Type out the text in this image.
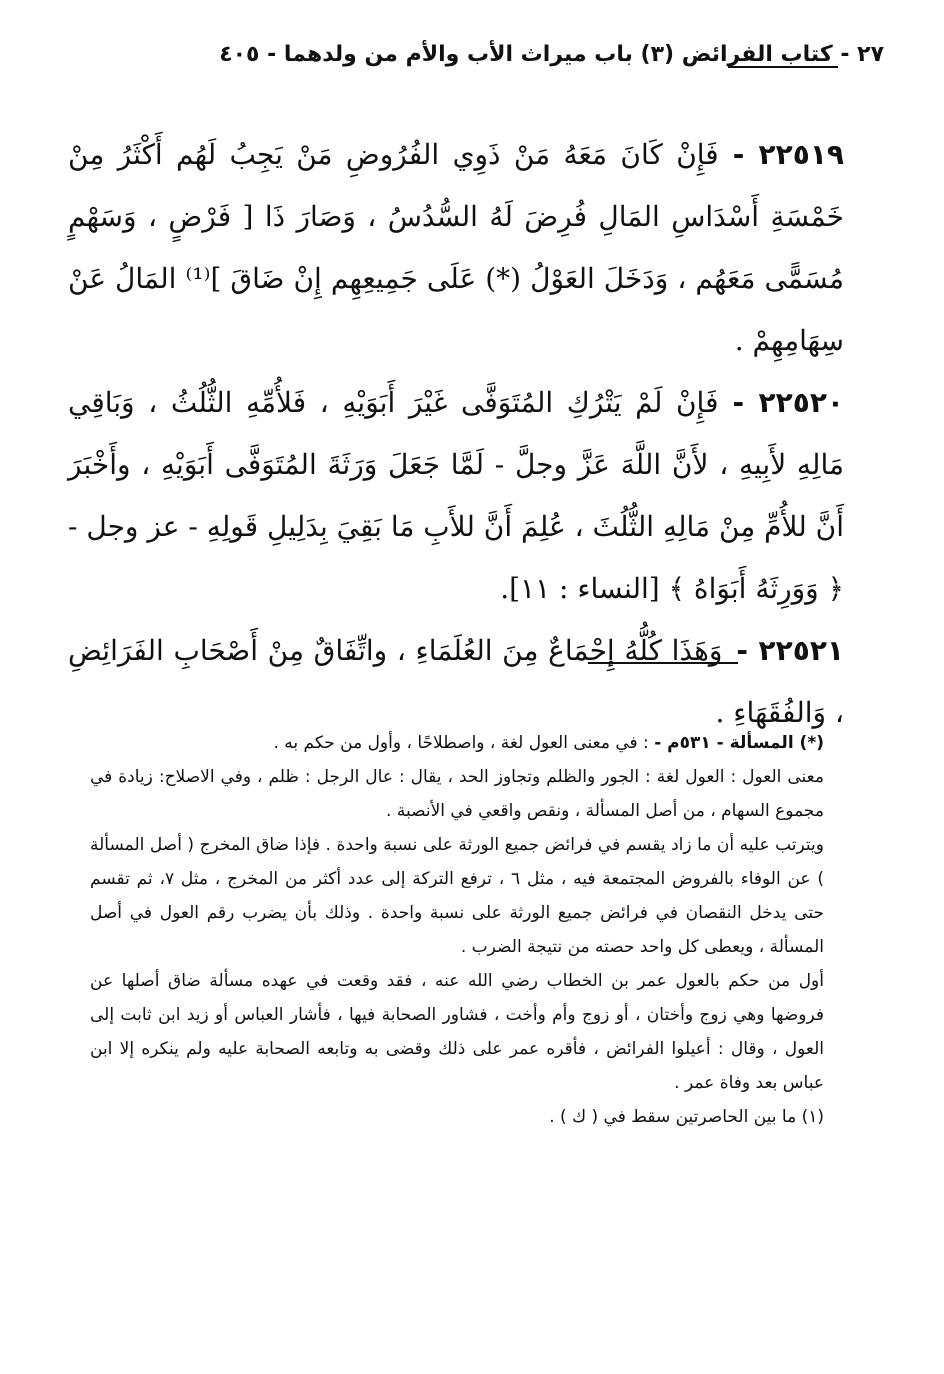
٢٧ - كتاب الفرائض (٣) باب ميراث الأب والأم من ولدهما - ٤٠٥

٢٢٥١٩ -فَإِنْ كَانَ مَعَهُ مَنْ ذَوِي الفُرُوضِ مَنْ يَجِبُ لَهُم أَكْثَرُ مِنْ خَمْسَةِ أَسْدَاسِ المَالِ فُرِضَ لَهُ السُّدُسُ ، وَصَارَ ذَا [ فَرْضٍ ، وَسَهْمٍ مُسَمًّى مَعَهُم ، وَدَخَلَ العَوْلُ (*) عَلَى جَمِيعِهِم إِنْ ضَاقَ ]⁽¹⁾ المَالُ عَنْ سِهَامِهِمْ .

٢٢٥٢٠ -فَإِنْ لَمْ يَتْرُكِ المُتَوَفَّى غَيْرَ أَبَوَيْهِ ، فَلأُمِّهِ الثُّلُثُ ، وَبَاقِي مَالِهِ لأَبِيهِ ، لأَنَّ اللَّهَ عَزَّ وجلَّ - لَمَّا جَعَلَ وَرَثَةَ المُتَوَفَّى أَبَوَيْهِ ، وأَخْبَرَ أَنَّ للأُمِّ مِنْ مَالِهِ الثُّلُثَ ، عُلِمَ أَنَّ للأَبِ مَا بَقِيَ بِدَلِيلِ قَولِهِ - عز وجل - ﴿ وَوَرِثَهُ أَبَوَاهُ ﴾ [النساء : ١١].

٢٢٥٢١ -وَهَذَا كُلُّهُ إِجْمَاعٌ مِنَ العُلَمَاءِ ، واتِّفَاقٌ مِنْ أَصْحَابِ الفَرَائِضِ ، وَالفُقَهَاءِ .

(*) المسألة - ٥٣١م - : في معنى العول لغة ، واصطلاحًا ، وأول من حكم به .

معنى العول : العول لغة : الجور والظلم وتجاوز الحد ، يقال : عال الرجل : ظلم ، وفي الاصلاح: زيادة في مجموع السهام ، من أصل المسألة ، ونقص واقعي في الأنصبة .

ويترتب عليه أن ما زاد يقسم في فرائض جميع الورثة على نسبة واحدة . فإذا ضاق المخرج ( أصل المسألة ) عن الوفاء بالفروض المجتمعة فيه ، مثل ٦ ، ترفع التركة إلى عدد أكثر من المخرج ، مثل ٧، ثم تقسم حتى يدخل النقصان في فرائض جميع الورثة على نسبة واحدة . وذلك بأن يضرب رقم العول في أصل المسألة ، ويعطى كل واحد حصته من نتيجة الضرب .

أول من حكم بالعول عمر بن الخطاب رضي الله عنه ، فقد وقعت في عهده مسألة ضاق أصلها عن فروضها وهي زوج وأختان ، أو زوج وأم وأخت ، فشاور الصحابة فيها ، فأشار العباس أو زيد ابن ثابت إلى العول ، وقال : أعيلوا الفرائض ، فأقره عمر على ذلك وقضى به وتابعه الصحابة عليه ولم ينكره إلا ابن عباس بعد وفاة عمر .

(١) ما بين الحاصرتين سقط في ( ك ) .
